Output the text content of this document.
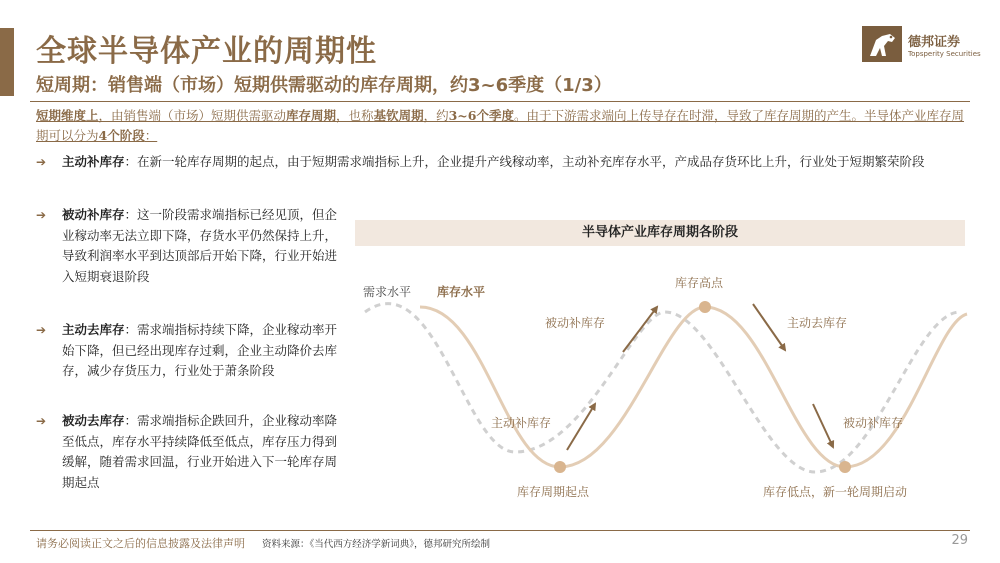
全球半导体产业的周期性
短周期：销售端（市场）短期供需驱动的库存周期，约3~6季度（1/3）
德邦证券
Topsperity Securities
短期维度上，由销售端（市场）短期供需驱动库存周期，也称基钦周期，约3~6个季度。由于下游需求端向上传导存在时滞，导致了库存周期的产生。半导体产业库存周期可以分为4个阶段：
➔	主动补库存：在新一轮库存周期的起点，由于短期需求端指标上升，企业提升产线稼动率，主动补充库存水平，产成品存货环比上升，行业处于短期繁荣阶段
➔	被动补库存：这一阶段需求端指标已经见顶，但企业稼动率无法立即下降，存货水平仍然保持上升，导致利润率水平到达顶部后开始下降，行业开始进入短期衰退阶段
➔	主动去库存：需求端指标持续下降，企业稼动率开始下降，但已经出现库存过剩，企业主动降价去库存，减少存货压力，行业处于萧条阶段
➔	被动去库存：需求端指标企跌回升，企业稼动率降至低点，库存水平持续降低至低点，库存压力得到缓解，随着需求回温，行业开始进入下一轮库存周期起点
半导体产业库存周期各阶段
需求水平 库存水平
库存高点
被动补库存	主动去库存
主动补库存	被动补库存
库存周期起点	库存低点，新一轮周期启动
请务必阅读正文之后的信息披露及法律声明 资料来源：《当代西方经济学新词典》，德邦研究所绘制	29
